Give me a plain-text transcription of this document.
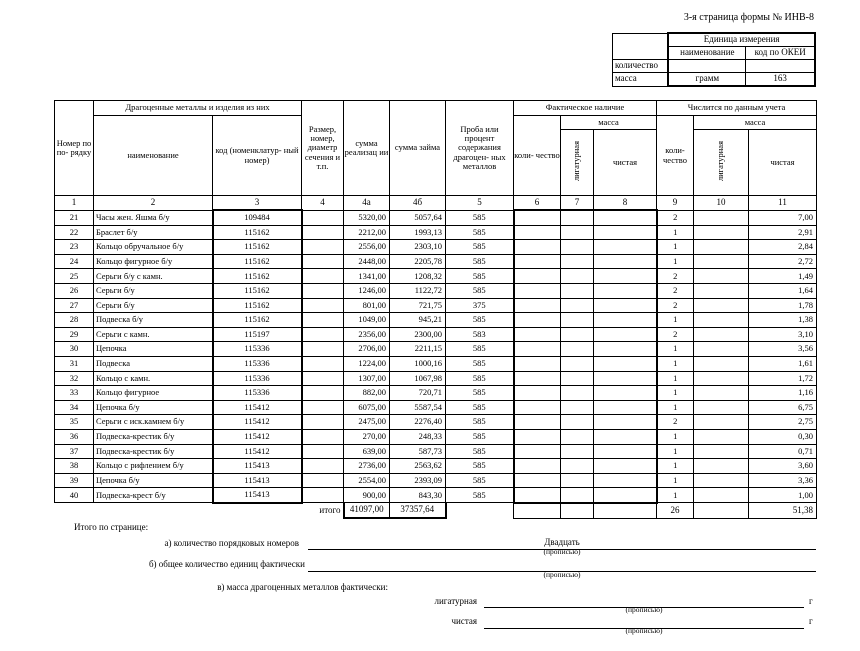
3-я страница формы № ИНВ-8
	Единица измерения	
	наименование	код по ОКЕИ
количество		
масса	грамм	163
Номер по по- рядку	Драгоценные металлы и изделия из них		Размер, номер, диаметр сечения и т.п.	сумма реализац ии	сумма займа	Проба или процент содержания драгоцен- ных металлов	Фактическое наличие			Числится по данным учета		
	наименование	код (номенклатур- ный номер)					коли- чество	масса		коли- чество	масса	
								лигатурная	чистая		лигатурная	чистая
1	2	3	4	4а	4б	5	6	7	8	9	10	11
21	Часы жен. Яшма б/у	109484		5320,00	5057,64	585				2		7,00
22	Браслет б/у	115162		2212,00	1993,13	585				1		2,91
23	Кольцо обручальное б/у	115162		2556,00	2303,10	585				1		2,84
24	Кольцо фигурное б/у	115162		2448,00	2205,78	585				1		2,72
25	Серьги б/у с камн.	115162		1341,00	1208,32	585				2		1,49
26	Серьги б/у	115162		1246,00	1122,72	585				2		1,64
27	Серьги б/у	115162		801,00	721,75	375				2		1,78
28	Подвеска б/у	115162		1049,00	945,21	585				1		1,38
29	Серьги с камн.	115197		2356,00	2300,00	583				2		3,10
30	Цепочка	115336		2706,00	2211,15	585				1		3,56
31	Подвеска	115336		1224,00	1000,16	585				1		1,61
32	Кольцо с камн.	115336		1307,00	1067,98	585				1		1,72
33	Кольцо фигурное	115336		882,00	720,71	585				1		1,16
34	Цепочка б/у	115412		6075,00	5587,54	585				1		6,75
35	Серьги с иск.камнем б/у	115412		2475,00	2276,40	585				2		2,75
36	Подвеска-крестик б/у	115412		270,00	248,33	585				1		0,30
37	Подвеска-крестик б/у	115412		639,00	587,73	585				1		0,71
38	Кольцо с рифлением б/у	115413		2736,00	2563,62	585				1		3,60
39	Цепочка б/у	115413		2554,00	2393,09	585				1		3,36
40	Подвеска-крест б/у	115413		900,00	843,30	585				1		1,00
			итого	41097,00	37357,64					26		51,38
Итого по странице:
а) количество порядковых номеров	Двадцать
(прописью)
б) общее количество единиц фактически
(прописью)
в) масса драгоценных металлов фактически:
лигатурная	г
(прописью)
чистая	г
(прописью)
